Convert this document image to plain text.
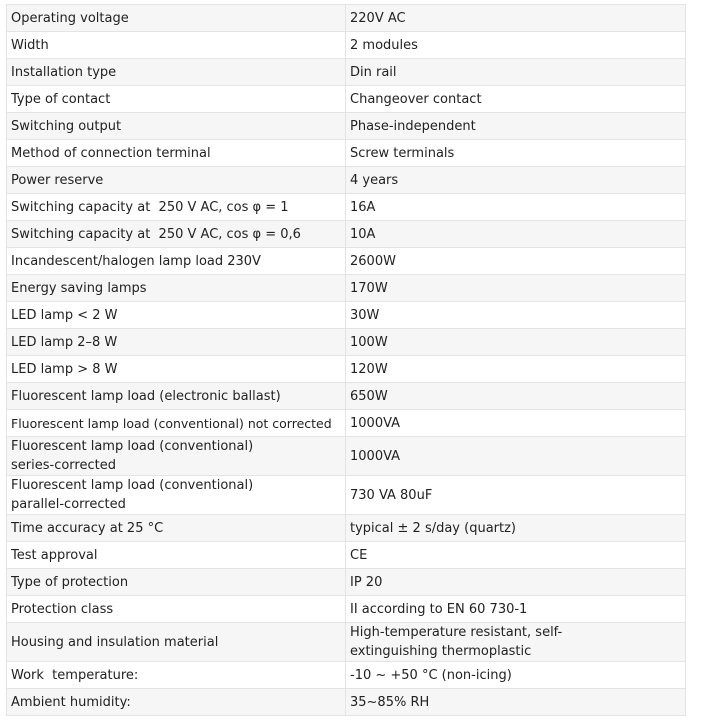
Operating voltage	220V AC
Width	2 modules
Installation type	Din rail
Type of contact	Changeover contact
Switching output	Phase-independent
Method of connection terminal	Screw terminals
Power reserve	4 years
Switching capacity at  250 V AC, cos φ = 1	16A
Switching capacity at  250 V AC, cos φ = 0,6	10A
Incandescent/halogen lamp load 230V	2600W
Energy saving lamps	170W
LED lamp < 2 W	30W
LED lamp 2–8 W	100W
LED lamp > 8 W	120W
Fluorescent lamp load (electronic ballast)	650W
Fluorescent lamp load (conventional) not corrected	1000VA

Fluorescent lamp load (conventional) series-corrected	1000VA

Fluorescent lamp load (conventional) parallel-corrected	730 VA 80uF
Time accuracy at 25 °C	typical ± 2 s/day (quartz)
Test approval	CE
Type of protection	IP 20
Protection class	II according to EN 60 730-1
Housing and insulation material	High-temperature resistant, self-extinguishing thermoplastic

Work  temperature:	-10 ~ +50 °C (non-icing)
Ambient humidity:	35~85% RH
